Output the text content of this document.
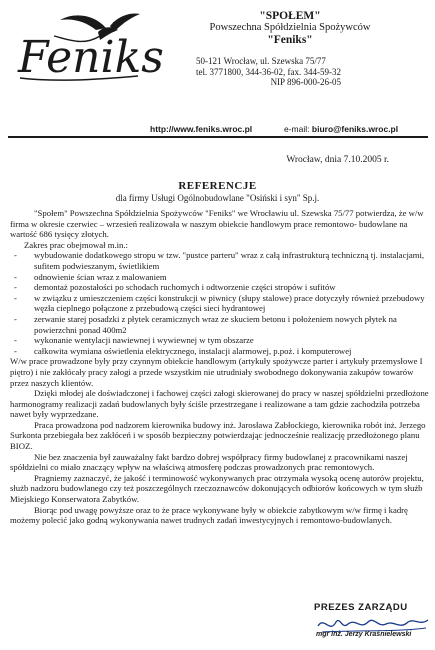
Feniks
"SPOŁEM"
Powszechna Spółdzielnia Spożywców
"Feniks"
50-121 Wrocław, ul. Szewska 75/77
tel. 3771800, 344-36-02, fax. 344-59-32
NIP 896-000-26-05
http://www.feniks.wroc.pl	e-mail: biuro@feniks.wroc.pl
Wrocław, dnia 7.10.2005 r.
REFERENCJE
dla firmy Usługi Ogólnobudowlane "Osiński i syn" Sp.j.

"Społem" Powszechna Spółdzielnia Spożywców "Feniks" we Wrocławiu ul. Szewska 75/77 potwierdza, że w/w firma w okresie czerwiec – wrzesień realizowała w naszym obiekcie handlowym prace remontowo- budowlane na wartość 686 tysięcy złotych.

Zakres prac obejmował m.in.:

- wybudowanie dodatkowego stropu w tzw. "pustce parteru" wraz z całą infrastrukturą techniczną tj. instalacjami, sufitem podwieszanym, świetlikiem
- odnowienie ścian wraz z malowaniem
- demontaż pozostałości po schodach ruchomych i odtworzenie części stropów i sufitów
- w związku z umieszczeniem części konstrukcji w piwnicy (słupy stalowe) prace dotyczyły również przebudowy węzła cieplnego połączone z przebudową części sieci hydrantowej
- zerwanie starej posadzki z płytek ceramicznych wraz ze skuciem betonu i położeniem nowych płytek na powierzchni ponad 400m2
- wykonanie wentylacji nawiewnej i wywiewnej w tym obszarze
- całkowita wymiana oświetlenia elektrycznego, instalacji alarmowej, p.poż. i komputerowej

W/w prace prowadzone były przy czynnym obiekcie handlowym (artykuły spożywcze parter i artykuły przemysłowe I piętro) i nie zakłócały pracy załogi a przede wszystkim nie utrudniały swobodnego dokonywania zakupów towarów przez naszych klientów.

Dzięki młodej ale doświadczonej i fachowej części załogi skierowanej do pracy w naszej spółdzielni przedłożone harmonogramy realizacji zadań budowlanych były ściśle przestrzegane i realizowane a tam gdzie zachodziła potrzeba nawet były wyprzedzane.

Praca prowadzona pod nadzorem kierownika budowy inż. Jarosława Zabłockiego, kierownika robót inż. Jerzego Surkonta przebiegała bez zakłóceń i w sposób bezpieczny potwierdzając jednocześnie realizację przedłożonego planu BIOZ.

Nie bez znaczenia był zauważalny fakt bardzo dobrej współpracy firmy budowlanej z pracownikami naszej spółdzielni co miało znaczący wpływ na właściwą atmosferę podczas prowadzonych prac remontowych.

Pragniemy zaznaczyć, że jakość i terminowość wykonywanych prac otrzymała wysoką ocenę autorów projektu, służb nadzoru budowlanego czy też poszczególnych rzeczoznawców dokonujących odbiorów końcowych w tym służb Miejskiego Konserwatora Zabytków.

Biorąc pod uwagę powyższe oraz to że prace wykonywane były w obiekcie zabytkowym w/w firmę i kadrę możemy polecić jako godną wykonywania nawet trudnych zadań inwestycyjnych i remontowo-budowlanych.

PREZES ZARZĄDU
mgr inż. Jerzy Kraśnielewski
